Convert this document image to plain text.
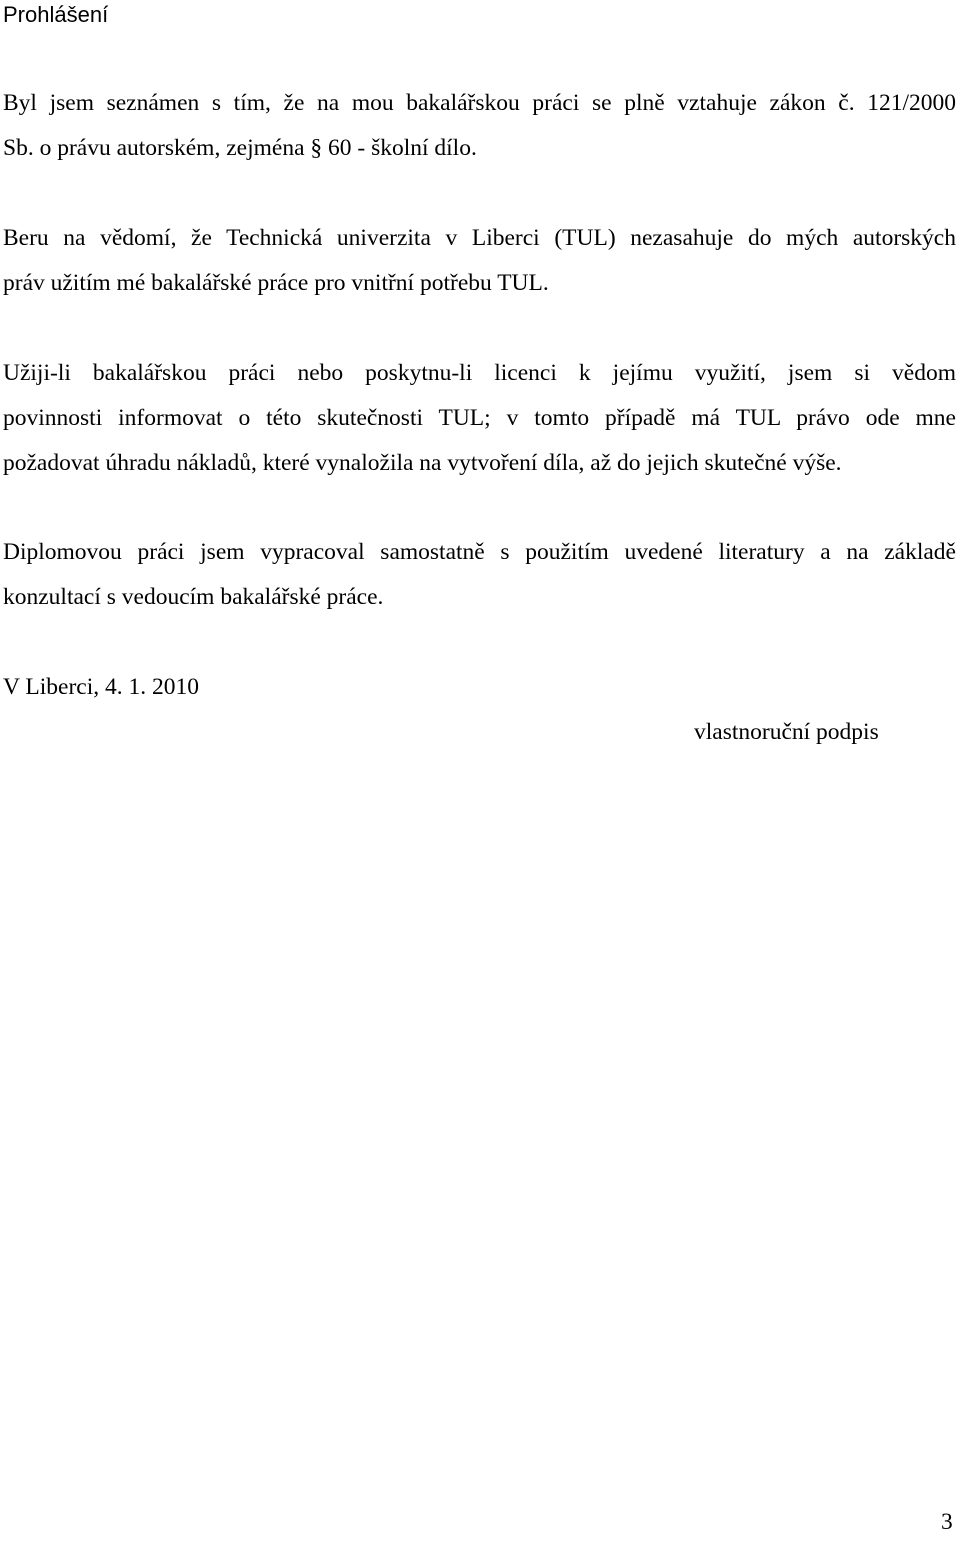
Prohlášení

Byl jsem seznámen s tím, že na mou bakalářskou práci se plně vztahuje zákon č. 121/2000
Sb. o právu autorském, zejména § 60 - školní dílo.

Beru na vědomí, že Technická univerzita v Liberci (TUL) nezasahuje do mých autorských
práv užitím mé bakalářské práce pro vnitřní potřebu TUL.

Užiji-li bakalářskou práci nebo poskytnu-li licenci k jejímu využití, jsem si vědom
povinnosti informovat o této skutečnosti TUL; v tomto případě má TUL právo ode mne
požadovat úhradu nákladů, které vynaložila na vytvoření díla, až do jejich skutečné výše.

Diplomovou práci jsem vypracoval samostatně s použitím uvedené literatury a na základě
konzultací s vedoucím bakalářské práce.

V Liberci, 4. 1. 2010
vlastnoruční podpis
3
